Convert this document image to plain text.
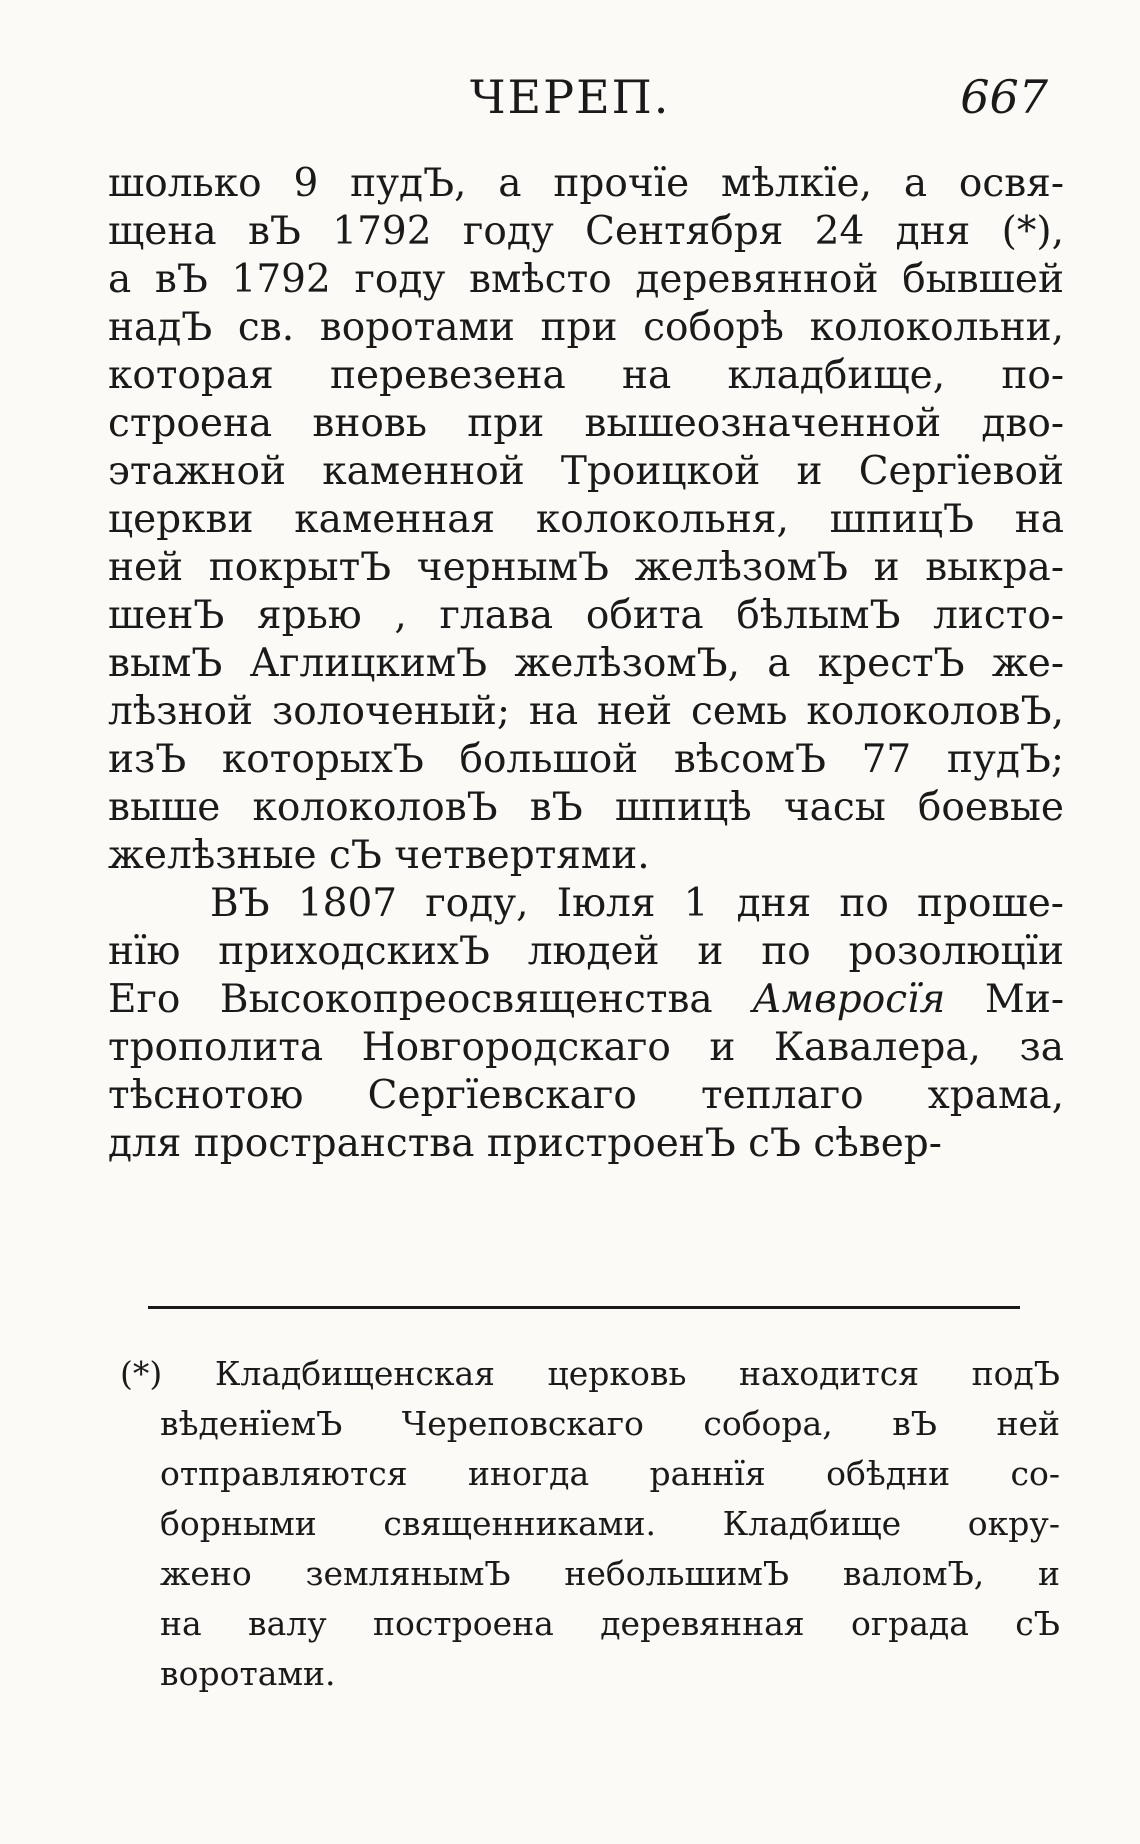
ЧЕРЕП.	667
шолько 9 пудЪ, а прочїе мѣлкїе, а освя-
щена вЪ 1792 году Сентября 24 дня (*),
а вЪ 1792 году вмѣсто деревянной бывшей
надЪ св. воротами при соборѣ колокольни,
которая перевезена на кладбище, по-
строена вновь при вышеозначенной дво-
этажной каменной Троицкой и Сергїевой
церкви каменная колокольня, шпицЪ на
ней покрытЪ чернымЪ желѣзомЪ и выкра-
шенЪ ярью , глава обита бѣлымЪ листо-
вымЪ АглицкимЪ желѣзомЪ, а крестЪ же-
лѣзной золоченый; на ней семь колоколовЪ,
изЪ которыхЪ большой вѣсомЪ 77 пудЪ;
выше колоколовЪ вЪ шпицѣ часы боевые
желѣзные сЪ четвертями.
ВЪ 1807 году, Іюля 1 дня по проше-
нїю приходскихЪ людей и по розолюцїи
Его Высокопреосвященства Амвросїя Ми-
трополита Новгородскаго и Кавалера, за
тѣснотою Сергїевскаго теплаго храма,
для пространства пристроенЪ сЪ сѣвер-
(*) Кладбищенская церковь находится подЪ
вѣденїемЪ Череповскаго собора, вЪ ней
отправляются иногда раннїя обѣдни со-
борными священниками. Кладбище окру-
жено землянымЪ небольшимЪ валомЪ, и
на валу построена деревянная ограда сЪ
воротами.
